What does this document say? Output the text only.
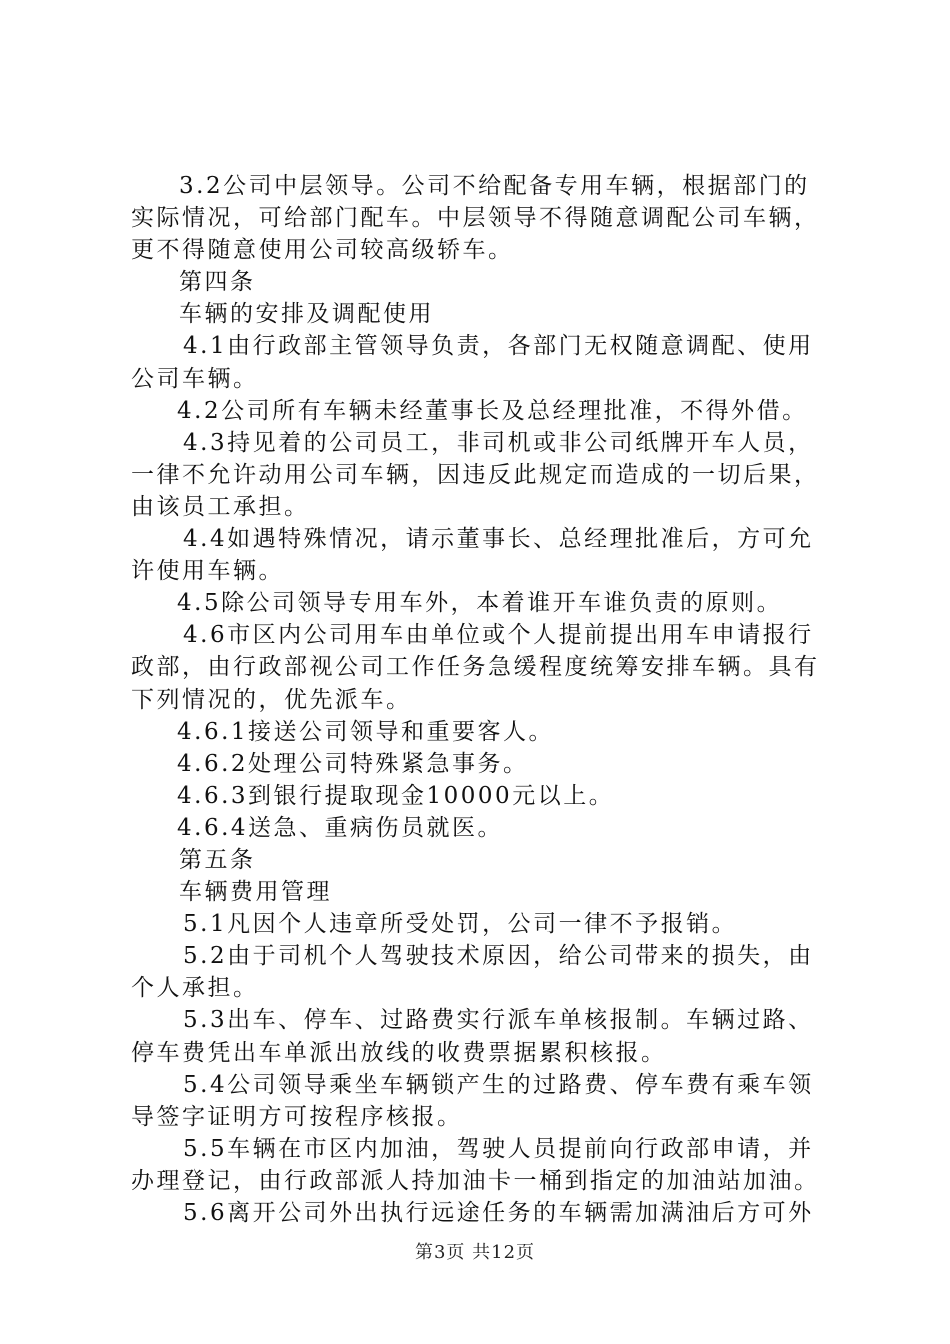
3.2公司中层领导。公司不给配备专用车辆，根据部门的
实际情况，可给部门配车。中层领导不得随意调配公司车辆，
更不得随意使用公司较高级轿车。
第四条
车辆的安排及调配使用
4.1由行政部主管领导负责，各部门无权随意调配、使用
公司车辆。
4.2公司所有车辆未经董事长及总经理批准，不得外借。
4.3持见着的公司员工，非司机或非公司纸牌开车人员，
一律不允许动用公司车辆，因违反此规定而造成的一切后果，
由该员工承担。
4.4如遇特殊情况，请示董事长、总经理批准后，方可允
许使用车辆。
4.5除公司领导专用车外，本着谁开车谁负责的原则。
4.6市区内公司用车由单位或个人提前提出用车申请报行
政部，由行政部视公司工作任务急缓程度统筹安排车辆。具有
下列情况的，优先派车。
4.6.1接送公司领导和重要客人。
4.6.2处理公司特殊紧急事务。
4.6.3到银行提取现金10000元以上。
4.6.4送急、重病伤员就医。
第五条
车辆费用管理
5.1凡因个人违章所受处罚，公司一律不予报销。
5.2由于司机个人驾驶技术原因，给公司带来的损失，由
个人承担。
5.3出车、停车、过路费实行派车单核报制。车辆过路、
停车费凭出车单派出放线的收费票据累积核报。
5.4公司领导乘坐车辆锁产生的过路费、停车费有乘车领
导签字证明方可按程序核报。
5.5车辆在市区内加油，驾驶人员提前向行政部申请，并
办理登记，由行政部派人持加油卡一桶到指定的加油站加油。
5.6离开公司外出执行远途任务的车辆需加满油后方可外
第3页 共12页
